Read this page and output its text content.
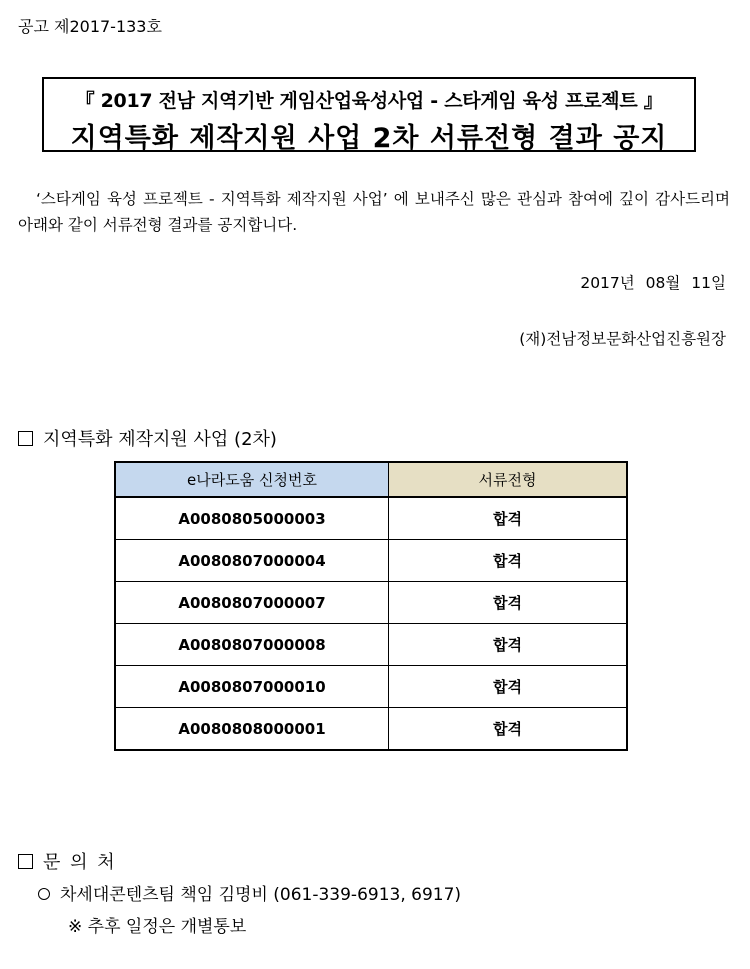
공고 제2017-133호
『 2017 전남 지역기반 게임산업육성사업 - 스타게임 육성 프로젝트 』
지역특화 제작지원 사업 2차 서류전형 결과 공지
‘스타게임 육성 프로젝트 - 지역특화 제작지원 사업’ 에 보내주신 많은 관심과 참여에 깊이 감사드리며 아래와 같이 서류전형 결과를 공지합니다.
2017년 08월 11일
(재)전남정보문화산업진흥원장
지역특화 제작지원 사업 (2차)
e나라도움 신청번호	서류전형
A0080805000003	합격
A0080807000004	합격
A0080807000007	합격
A0080807000008	합격
A0080807000010	합격
A0080808000001	합격
문 의 처
차세대콘텐츠팀 책임 김명비 (061-339-6913, 6917)
※ 추후 일정은 개별통보
